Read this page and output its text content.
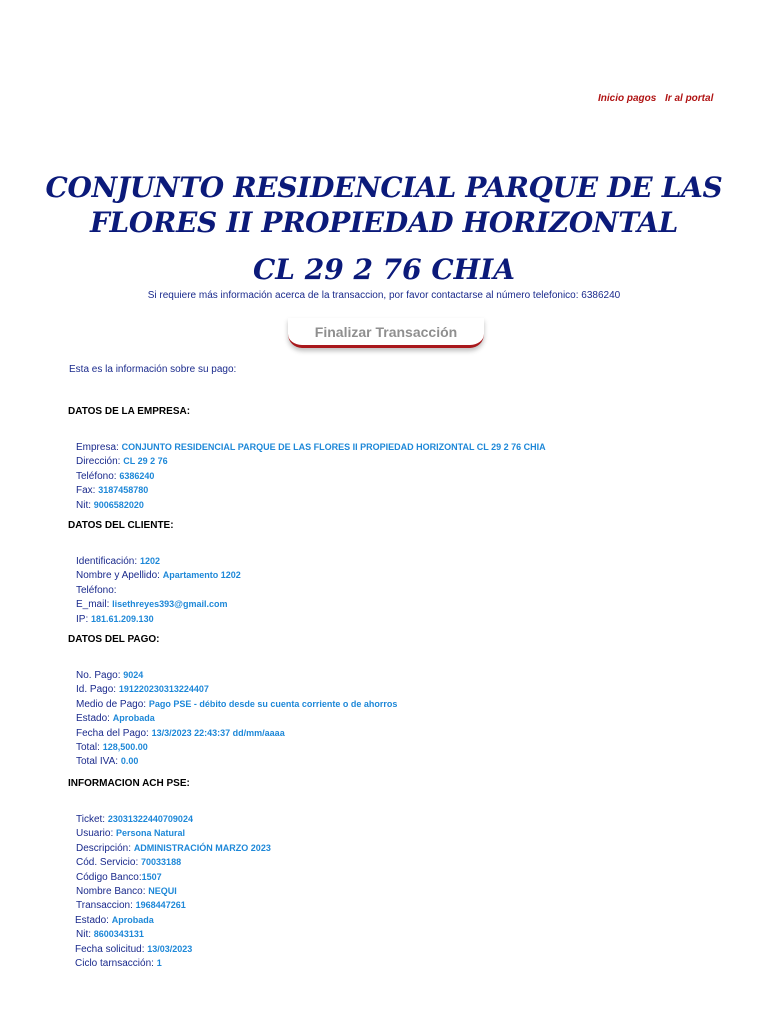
Inicio pagos Ir al portal
CONJUNTO RESIDENCIAL PARQUE DE LAS FLORES II PROPIEDAD HORIZONTAL
CL 29 2 76 CHIA
Si requiere más información acerca de la transaccion, por favor contactarse al número telefonico: 6386240
Finalizar Transacción
Esta es la información sobre su pago:
DATOS DE LA EMPRESA:
Empresa: CONJUNTO RESIDENCIAL PARQUE DE LAS FLORES II PROPIEDAD HORIZONTAL CL 29 2 76 CHIA
Dirección: CL 29 2 76
Teléfono: 6386240
Fax: 3187458780
Nit: 9006582020
DATOS DEL CLIENTE:
Identificación: 1202
Nombre y Apellido: Apartamento 1202
Teléfono:
E_mail: lisethreyes393@gmail.com
IP: 181.61.209.130
DATOS DEL PAGO:
No. Pago: 9024
Id. Pago: 191220230313224407
Medio de Pago: Pago PSE - débito desde su cuenta corriente o de ahorros
Estado: Aprobada
Fecha del Pago: 13/3/2023 22:43:37 dd/mm/aaaa
Total: 128,500.00
Total IVA: 0.00
INFORMACION ACH PSE:
Ticket: 23031322440709024
Usuario: Persona Natural
Descripción: ADMINISTRACIÓN MARZO 2023
Cód. Servicio: 70033188
Código Banco:1507
Nombre Banco: NEQUI
Transaccion: 1968447261
Estado: Aprobada
Nit: 8600343131
Fecha solicitud: 13/03/2023
Ciclo tarnsacción: 1
